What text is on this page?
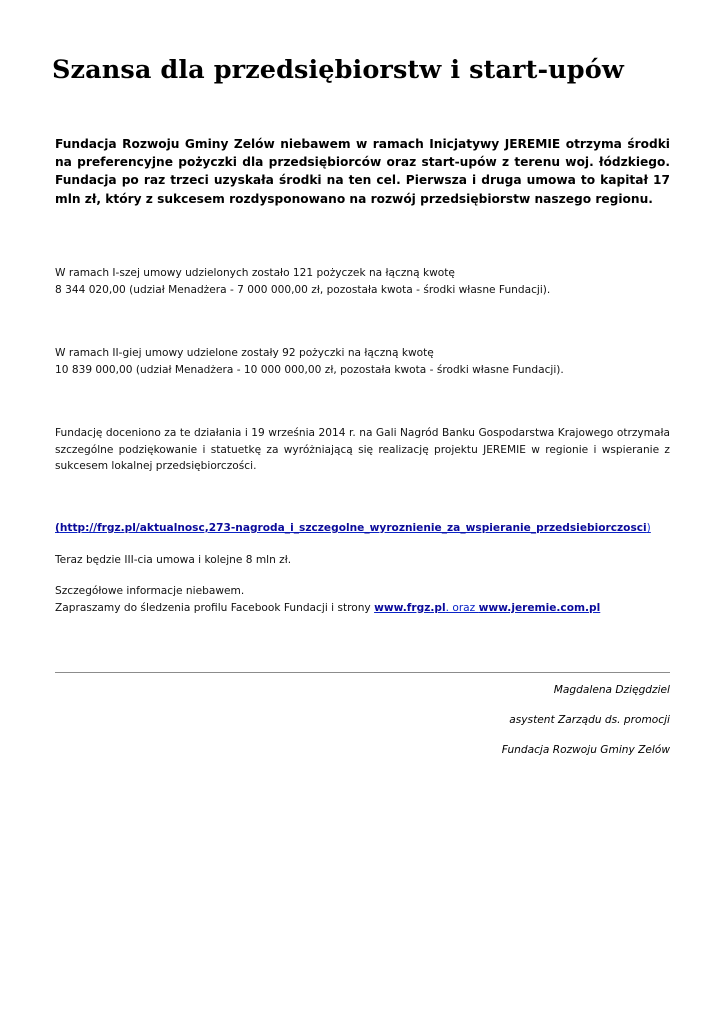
Szansa dla przedsiębiorstw i start-upów

Fundacja Rozwoju Gminy Zelów niebawem w ramach Inicjatywy JEREMIE otrzyma środki na preferencyjne pożyczki dla przedsiębiorców oraz start-upów z terenu woj. łódzkiego. Fundacja po raz trzeci uzyskała środki na ten cel. Pierwsza i druga umowa to kapitał 17 mln zł, który z sukcesem rozdysponowano na rozwój przedsiębiorstw naszego regionu.

W ramach I-szej umowy udzielonych zostało 121 pożyczek na łączną kwotę
8 344 020,00 (udział Menadżera - 7 000 000,00 zł, pozostała kwota - środki własne Fundacji).

W ramach II-giej umowy udzielone zostały 92 pożyczki na łączną kwotę
10 839 000,00 (udział Menadżera - 10 000 000,00 zł, pozostała kwota - środki własne Fundacji).

Fundację doceniono za te działania i 19 września 2014 r. na Gali Nagród Banku Gospodarstwa Krajowego otrzymała szczególne podziękowanie i statuetkę za wyróżniającą się realizację projektu JEREMIE w regionie i wspieranie z sukcesem lokalnej przedsiębiorczości.

(http://frgz.pl/aktualnosc,273-nagroda_i_szczegolne_wyroznienie_za_wspieranie_przedsiebiorczosci)

Teraz będzie III-cia umowa i kolejne 8 mln zł.

Szczegółowe informacje niebawem.
Zapraszamy do śledzenia profilu Facebook Fundacji i strony www.frgz.pl. oraz www.jeremie.com.pl

Magdalena Dzięgdziel

asystent Zarządu ds. promocji

Fundacja Rozwoju Gminy Zelów
